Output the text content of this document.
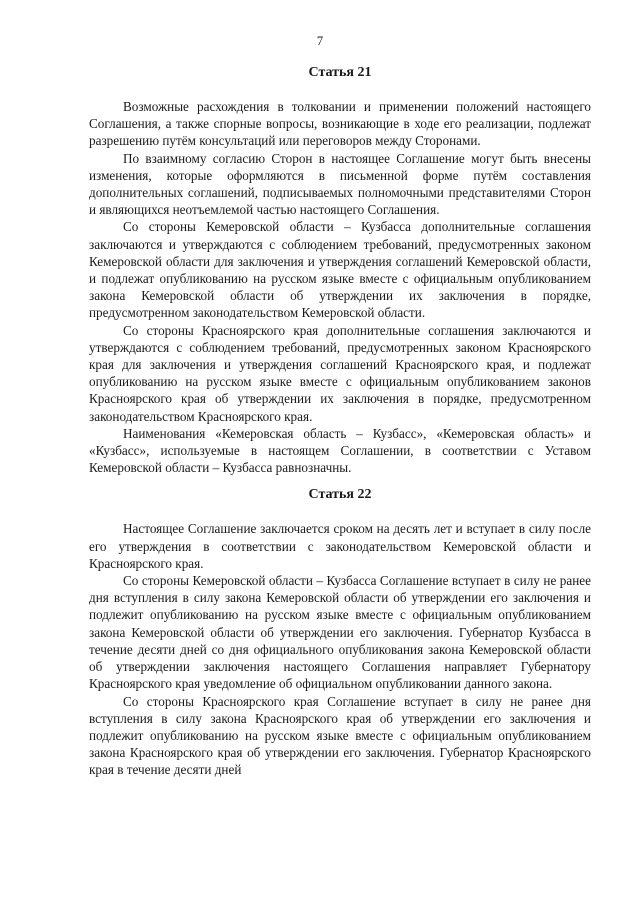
7
Статья 21

Возможные расхождения в толковании и применении положений настоящего Соглашения, а также спорные вопросы, возникающие в ходе его реализации, подлежат разрешению путём консультаций или переговоров между Сторонами.

По взаимному согласию Сторон в настоящее Соглашение могут быть внесены изменения, которые оформляются в письменной форме путём составления дополнительных соглашений, подписываемых полномочными представителями Сторон и являющихся неотъемлемой частью настоящего Соглашения.

Со стороны Кемеровской области – Кузбасса дополнительные соглашения заключаются и утверждаются с соблюдением требований, предусмотренных законом Кемеровской области для заключения и утверждения соглашений Кемеровской области, и подлежат опубликованию на русском языке вместе с официальным опубликованием закона Кемеровской области об утверждении их заключения в порядке, предусмотренном законодательством Кемеровской области.

Со стороны Красноярского края дополнительные соглашения заключаются и утверждаются с соблюдением требований, предусмотренных законом Красноярского края для заключения и утверждения соглашений Красноярского края, и подлежат опубликованию на русском языке вместе с официальным опубликованием законов Красноярского края об утверждении их заключения в порядке, предусмотренном законодательством Красноярского края.

Наименования «Кемеровская область – Кузбасс», «Кемеровская область» и «Кузбасс», используемые в настоящем Соглашении, в соответствии с Уставом Кемеровской области – Кузбасса равнозначны.

Статья 22

Настоящее Соглашение заключается сроком на десять лет и вступает в силу после его утверждения в соответствии с законодательством Кемеровской области и Красноярского края.

Со стороны Кемеровской области – Кузбасса Соглашение вступает в силу не ранее дня вступления в силу закона Кемеровской области об утверждении его заключения и подлежит опубликованию на русском языке вместе с официальным опубликованием закона Кемеровской области об утверждении его заключения. Губернатор Кузбасса в течение десяти дней со дня официального опубликования закона Кемеровской области об утверждении заключения настоящего Соглашения направляет Губернатору Красноярского края уведомление об официальном опубликовании данного закона.

Со стороны Красноярского края Соглашение вступает в силу не ранее дня вступления в силу закона Красноярского края об утверждении его заключения и подлежит опубликованию на русском языке вместе с официальным опубликованием закона Красноярского края об утверждении его заключения. Губернатор Красноярского края в течение десяти дней
